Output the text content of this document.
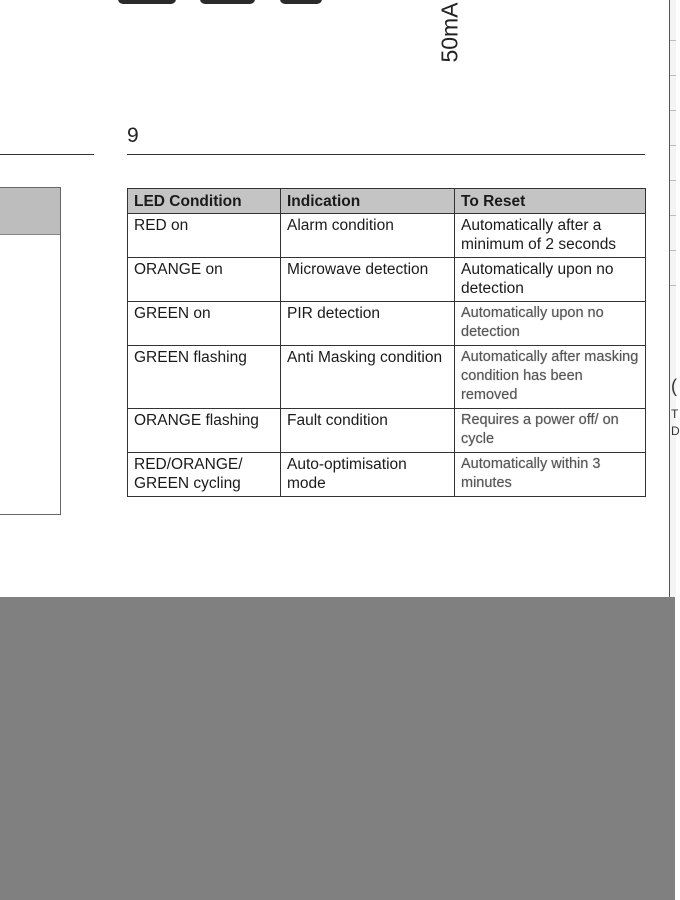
50mA
(
T
D
9
LED Condition	Indication	To Reset
RED on	Alarm condition	Automatically after a minimum of 2 seconds
ORANGE on	Microwave detection	Automatically upon no detection
GREEN on	PIR detection	Automatically upon no detection
GREEN flashing	Anti Masking condition	Automatically after masking condition has been removed
ORANGE flashing	Fault condition	Requires a power off/ on cycle
RED/ORANGE/ GREEN cycling	Auto-optimisation mode	Automatically within 3 minutes
